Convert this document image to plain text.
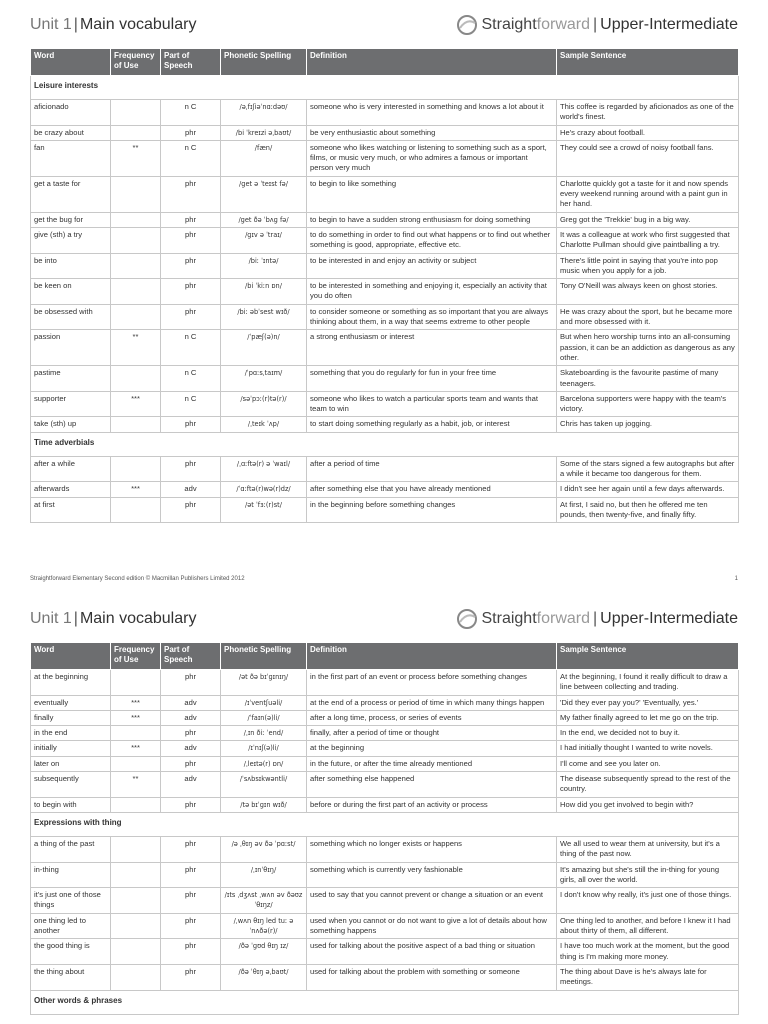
Unit 1 | Main vocabulary	Straight forward | Upper-Intermediate
Word	Frequency of Use	Part of Speech	Phonetic Spelling	Definition	Sample Sentence
Leisure interests					
aficionado		n C	/əˌfɪʃiəˈnɑːdəʊ/	someone who is very interested in something and knows a lot about it	This coffee is regarded by aficionados as one of the world's finest.
be crazy about		phr	/bi ˈkreɪzi əˌbaʊt/	be very enthusiastic about something	He's crazy about football.
fan	**	n C	/fæn/	someone who likes watching or listening to something such as a sport, films, or music very much, or who admires a famous or important person very much	They could see a crowd of noisy football fans.
get a taste for		phr	/ɡet ə ˈteɪst fə/	to begin to like something	Charlotte quickly got a taste for it and now spends every weekend running around with a paint gun in her hand.
get the bug for		phr	/ɡet ðə ˈbʌɡ fə/	to begin to have a sudden strong enthusiasm for doing something	Greg got the 'Trekkie' bug in a big way.
give (sth) a try		phr	/ɡɪv ə ˈtraɪ/	to do something in order to find out what happens or to find out whether something is good, appropriate, effective etc.	It was a colleague at work who first suggested that Charlotte Pullman should give paintballing a try.
be into		phr	/biː ˈɪntə/	to be interested in and enjoy an activity or subject	There's little point in saying that you're into pop music when you apply for a job.
be keen on		phr	/bi ˈkiːn ɒn/	to be interested in something and enjoying it, especially an activity that you do often	Tony O'Neill was always keen on ghost stories.
be obsessed with		phr	/biː əbˈsest wɪð/	to consider someone or something as so important that you are always thinking about them, in a way that seems extreme to other people	He was crazy about the sport, but he became more and more obsessed with it.
passion	**	n C	/ˈpæʃ(ə)n/	a strong enthusiasm or interest	But when hero worship turns into an all-consuming passion, it can be an addiction as dangerous as any other.
pastime		n C	/ˈpɑːsˌtaɪm/	something that you do regularly for fun in your free time	Skateboarding is the favourite pastime of many teenagers.
supporter	***	n C	/səˈpɔː(r)tə(r)/	someone who likes to watch a particular sports team and wants that team to win	Barcelona supporters were happy with the team's victory.
take (sth) up		phr	/ˌteɪk ˈʌp/	to start doing something regularly as a habit, job, or interest	Chris has taken up jogging.
Time adverbials					
after a while		phr	/ˌɑːftə(r) ə ˈwaɪl/	after a period of time	Some of the stars signed a few autographs but after a while it became too dangerous for them.
afterwards	***	adv	/ˈɑːftə(r)wə(r)dz/	after something else that you have already mentioned	I didn't see her again until a few days afterwards.
at first		phr	/ət ˈfɜː(r)st/	in the beginning before something changes	At first, I said no, but then he offered me ten pounds, then twenty-five, and finally fifty.
Straightforward Elementary Second edition © Macmillan Publishers Limited 2012	1
Unit 1 | Main vocabulary	Straight forward | Upper-Intermediate
Word	Frequency of Use	Part of Speech	Phonetic Spelling	Definition	Sample Sentence
at the beginning		phr	/ət ðə bɪˈɡɪnɪŋ/	in the first part of an event or process before something changes	At the beginning, I found it really difficult to draw a line between collecting and trading.
eventually	***	adv	/ɪˈventʃuəli/	at the end of a process or period of time in which many things happen	'Did they ever pay you?' 'Eventually, yes.'
finally	***	adv	/ˈfaɪn(ə)li/	after a long time, process, or series of events	My father finally agreed to let me go on the trip.
in the end		phr	/ˌɪn ðiː ˈend/	finally, after a period of time or thought	In the end, we decided not to buy it.
initially	***	adv	/ɪˈnɪʃ(ə)li/	at the beginning	I had initially thought I wanted to write novels.
later on		phr	/ˌleɪtə(r) ɒn/	in the future, or after the time already mentioned	I'll come and see you later on.
subsequently	**	adv	/ˈsʌbsɪkwəntli/	after something else happened	The disease subsequently spread to the rest of the country.
to begin with		phr	/tə bɪˈɡɪn wɪð/	before or during the first part of an activity or process	How did you get involved to begin with?
Expressions with thing					
a thing of the past		phr	/ə ˌθɪŋ əv ðə ˈpɑːst/	something which no longer exists or happens	We all used to wear them at university, but it's a thing of the past now.
in-thing		phr	/ˌɪnˈθɪŋ/	something which is currently very fashionable	It's amazing but she's still the in-thing for young girls, all over the world.
it's just one of those things		phr	/ɪts ˌdʒʌst ˌwʌn əv ðəʊz ˈθɪŋz/	used to say that you cannot prevent or change a situation or an event	I don't know why really, it's just one of those things.
one thing led to another		phr	/ˌwʌn θɪŋ led tuː əˈnʌðə(r)/	used when you cannot or do not want to give a lot of details about how something happens	One thing led to another, and before I knew it I had about thirty of them, all different.
the good thing is		phr	/ðə ˈɡʊd θɪŋ ɪz/	used for talking about the positive aspect of a bad thing or situation	I have too much work at the moment, but the good thing is I'm making more money.
the thing about		phr	/ðə ˈθɪŋ əˌbaʊt/	used for talking about the problem with something or someone	The thing about Dave is he's always late for meetings.
Other words & phrases					
